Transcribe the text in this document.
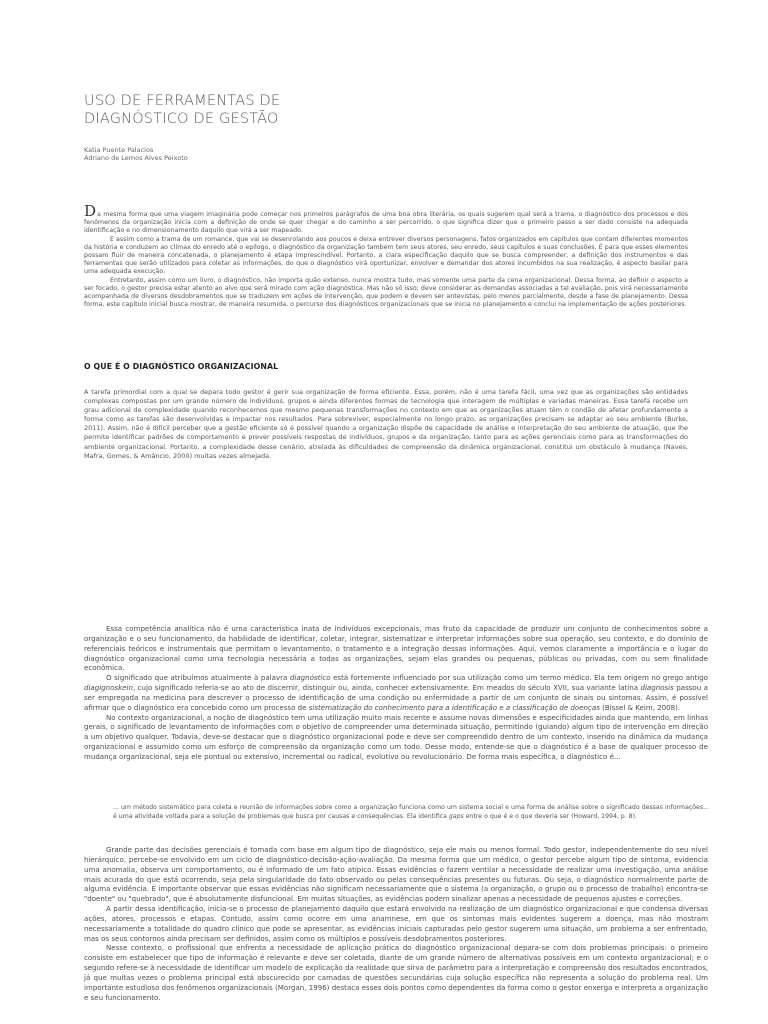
USO DE FERRAMENTAS DE
DIAGNÓSTICO DE GESTÃO
Katia Puente Palacios
Adriano de Lemos Alves Peixoto

Da mesma forma que uma viagem imaginária pode começar nos primeiros parágrafos de uma boa obra literária, os quais sugerem qual será a trama, o diagnóstico dos processos e dos fenômenos da organização inicia com a definição de onde se quer chegar e do caminho a ser percorrido, o que significa dizer que o primeiro passo a ser dado consiste na adequada identificação e no dimensionamento daquilo que virá a ser mapeado.

E assim como a trama de um romance, que vai se desenrolando aos poucos e deixa entrever diversos personagens, fatos organizados em capítulos que contam diferentes momentos da história e conduzem ao clímax do enredo até o epílogo, o diagnóstico da organização também tem seus atores, seu enredo, seus capítulos e suas conclusões. É para que esses elementos possam fluir de maneira concatenada, o planejamento é etapa imprescindível. Portanto, a clara especificação daquilo que se busca compreender, a definição dos instrumentos e das ferramentas que serão utilizados para coletar as informações, do que o diagnóstico virá oportunizar, envolver e demandar dos atores incumbidos na sua realização, é aspecto basilar para uma adequada execução.

Entretanto, assim como um livro, o diagnóstico, não importa quão extenso, nunca mostra tudo, mas somente uma parte da cena organizacional. Dessa forma, ao definir o aspecto a ser focado, o gestor precisa estar atento ao alvo que será mirado com ação diagnóstica. Mas não só isso; deve considerar as demandas associadas a tal avaliação, pois virá necessariamente acompanhada de diversos desdobramentos que se traduzem em ações de intervenção, que podem e devem ser antevistas, pelo menos parcialmente, desde a fase de planejamento. Dessa forma, este capítulo inicial busca mostrar, de maneira resumida, o percurso dos diagnósticos organizacionais que se inicia no planejamento e conclui na implementação de ações posteriores.

O QUE É O DIAGNÓSTICO ORGANIZACIONAL

A tarefa primordial com a qual se depara todo gestor é gerir sua organização de forma eficiente. Essa, porém, não é uma tarefa fácil, uma vez que as organizações são entidades complexas compostas por um grande número de indivíduos, grupos e ainda diferentes formas de tecnologia que interagem de múltiplas e variadas maneiras. Essa tarefa recebe um grau adicional de complexidade quando reconhecemos que mesmo pequenas transformações no contexto em que as organizações atuam têm o condão de afetar profundamente a forma como as tarefas são desenvolvidas e impactar nos resultados. Para sobreviver, especialmente no longo prazo, as organizações precisam se adaptar ao seu ambiente (Burke, 2011). Assim, não é difícil perceber que a gestão eficiente só é possível quando a organização dispõe de capacidade de análise e interpretação do seu ambiente de atuação, que lhe permite identificar padrões de comportamento e prever possíveis respostas de indivíduos, grupos e da organização, tanto para as ações gerenciais como para as transformações do ambiente organizacional. Portanto, a complexidade desse cenário, atrelada às dificuldades de compreensão da dinâmica organizacional, constitui um obstáculo à mudança (Naves, Mafra, Gomes, & Amâncio, 2000) muitas vezes almejada.

Essa competência analítica não é uma característica inata de indivíduos excepcionais, mas fruto da capacidade de produzir um conjunto de conhecimentos sobre a organização e o seu funcionamento, da habilidade de identificar, coletar, integrar, sistematizar e interpretar informações sobre sua operação, seu contexto, e do domínio de referenciais teóricos e instrumentais que permitam o levantamento, o tratamento e a integração dessas informações. Aqui, vemos claramente a importância e o lugar do diagnóstico organizacional como uma tecnologia necessária a todas as organizações, sejam elas grandes ou pequenas, públicas ou privadas, com ou sem finalidade econômica.

O significado que atribuímos atualmente à palavra diagnóstico está fortemente influenciado por sua utilização como um termo médico. Ela tem origem no grego antigo diagignoskein, cujo significado referia-se ao ato de discernir, distinguir ou, ainda, conhecer extensivamente. Em meados do século XVII, sua variante latina diagnosis passou a ser empregada na medicina para descrever o processo de identificação de uma condição ou enfermidade a partir de um conjunto de sinais ou sintomas. Assim, é possível afirmar que o diagnóstico era concebido como um processo de sistematização do conhecimento para a identificação e a classificação de doenças (Bissel & Keim, 2008).

No contexto organizacional, a noção de diagnóstico tem uma utilização muito mais recente e assume novas dimensões e especificidades ainda que mantendo, em linhas gerais, o significado de levantamento de informações com o objetivo de compreender uma determinada situação, permitindo (guiando) algum tipo de intervenção em direção a um objetivo qualquer. Todavia, deve-se destacar que o diagnóstico organizacional pode e deve ser compreendido dentro de um contexto, inserido na dinâmica da mudança organizacional e assumido como um esforço de compreensão da organização como um todo. Desse modo, entende-se que o diagnóstico é a base de qualquer processo de mudança organizacional, seja ele pontual ou extensivo, incremental ou radical, evolutivo ou revolucionário. De forma mais específica, o diagnóstico é...

... um método sistemático para coleta e reunião de informações sobre como a organização funciona como um sistema social e uma forma de análise sobre o significado dessas informações... é uma atividade voltada para a solução de problemas que busca por causas e consequências. Ela identifica gaps entre o que é e o que deveria ser (Howard, 1994, p. 8).

Grande parte das decisões gerenciais é tomada com base em algum tipo de diagnóstico, seja ele mais ou menos formal. Todo gestor, independentemente do seu nível hierárquico, percebe-se envolvido em um ciclo de diagnóstico-decisão-ação-avaliação. Da mesma forma que um médico, o gestor percebe algum tipo de sintoma, evidencia uma anomalia, observa um comportamento, ou é informado de um fato atípico. Essas evidências o fazem ventilar a necessidade de realizar uma investigação, uma análise mais acurada do que está ocorrendo, seja pela singularidade do fato observado ou pelas consequências presentes ou futuras. Ou seja, o diagnóstico normalmente parte de alguma evidência. É importante observar que essas evidências não significam necessariamente que o sistema (a organização, o grupo ou o processo de trabalho) encontra-se "doente" ou "quebrado", que é absolutamente disfuncional. Em muitas situações, as evidências podem sinalizar apenas a necessidade de pequenos ajustes e correções.

A partir dessa identificação, inicia-se o processo de planejamento daquilo que estará envolvido na realização de um diagnóstico organizacional e que condensa diversas ações, atores, processos e etapas. Contudo, assim como ocorre em uma anamnese, em que os sintomas mais evidentes sugerem a doença, mas não mostram necessariamente a totalidade do quadro clínico que pode se apresentar, as evidências iniciais capturadas pelo gestor sugerem uma situação, um problema a ser enfrentado, mas os seus contornos ainda precisam ser definidos, assim como os múltiplos e possíveis desdobramentos posteriores.

Nesse contexto, o profissional que enfrenta a necessidade de aplicação prática do diagnóstico organizacional depara-se com dois problemas principais: o primeiro consiste em estabelecer que tipo de informação é relevante e deve ser coletada, diante de um grande número de alternativas possíveis em um contexto organizacional; e o segundo refere-se à necessidade de identificar um modelo de explicação da realidade que sirva de parâmetro para a interpretação e compreensão dos resultados encontrados, já que muitas vezes o problema principal está obscurecido por camadas de questões secundárias cuja solução específica não representa a solução do problema real. Um importante estudioso dos fenômenos organizacionais (Morgan, 1996) destaca esses dois pontos como dependentes da forma como o gestor enxerga e interpreta a organização e seu funcionamento.
